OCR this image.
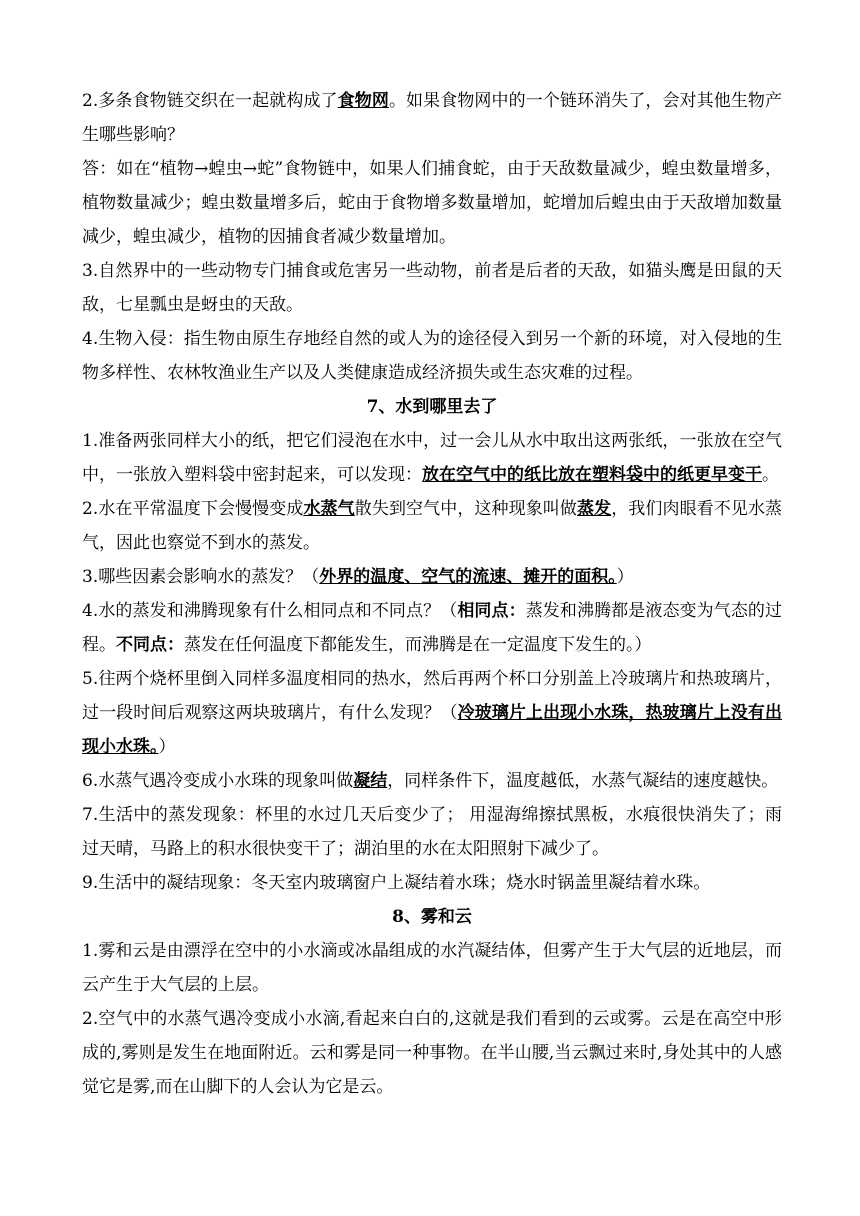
2.多条食物链交织在一起就构成了食物网。如果食物网中的一个链环消失了，会对其他生物产生哪些影响？

答：如在“植物→蝗虫→蛇”食物链中，如果人们捕食蛇，由于天敌数量减少，蝗虫数量增多，植物数量减少；蝗虫数量增多后，蛇由于食物增多数量增加，蛇增加后蝗虫由于天敌增加数量减少，蝗虫减少，植物的因捕食者减少数量增加。

3.自然界中的一些动物专门捕食或危害另一些动物，前者是后者的天敌，如猫头鹰是田鼠的天敌，七星瓢虫是蚜虫的天敌。

4.生物入侵：指生物由原生存地经自然的或人为的途径侵入到另一个新的环境，对入侵地的生物多样性、农林牧渔业生产以及人类健康造成经济损失或生态灾难的过程。

7、水到哪里去了

1.准备两张同样大小的纸，把它们浸泡在水中，过一会儿从水中取出这两张纸，一张放在空气中，一张放入塑料袋中密封起来，可以发现：放在空气中的纸比放在塑料袋中的纸更早变干。

2.水在平常温度下会慢慢变成水蒸气散失到空气中，这种现象叫做蒸发，我们肉眼看不见水蒸气，因此也察觉不到水的蒸发。

3.哪些因素会影响水的蒸发？（外界的温度、空气的流速、摊开的面积。）

4.水的蒸发和沸腾现象有什么相同点和不同点？（相同点：蒸发和沸腾都是液态变为气态的过程。不同点：蒸发在任何温度下都能发生，而沸腾是在一定温度下发生的。）

5.往两个烧杯里倒入同样多温度相同的热水，然后再两个杯口分别盖上冷玻璃片和热玻璃片，过一段时间后观察这两块玻璃片，有什么发现？（冷玻璃片上出现小水珠，热玻璃片上没有出现小水珠。）

6.水蒸气遇冷变成小水珠的现象叫做凝结，同样条件下，温度越低，水蒸气凝结的速度越快。

7.生活中的蒸发现象：杯里的水过几天后变少了； 用湿海绵擦拭黑板，水痕很快消失了；雨过天晴，马路上的积水很快变干了；湖泊里的水在太阳照射下减少了。

9.生活中的凝结现象：冬天室内玻璃窗户上凝结着水珠；烧水时锅盖里凝结着水珠。

8、雾和云

1.雾和云是由漂浮在空中的小水滴或冰晶组成的水汽凝结体，但雾产生于大气层的近地层，而云产生于大气层的上层。

2.空气中的水蒸气遇冷变成小水滴,看起来白白的,这就是我们看到的云或雾。云是在高空中形成的,雾则是发生在地面附近。云和雾是同一种事物。在半山腰,当云飘过来时,身处其中的人感觉它是雾,而在山脚下的人会认为它是云。
